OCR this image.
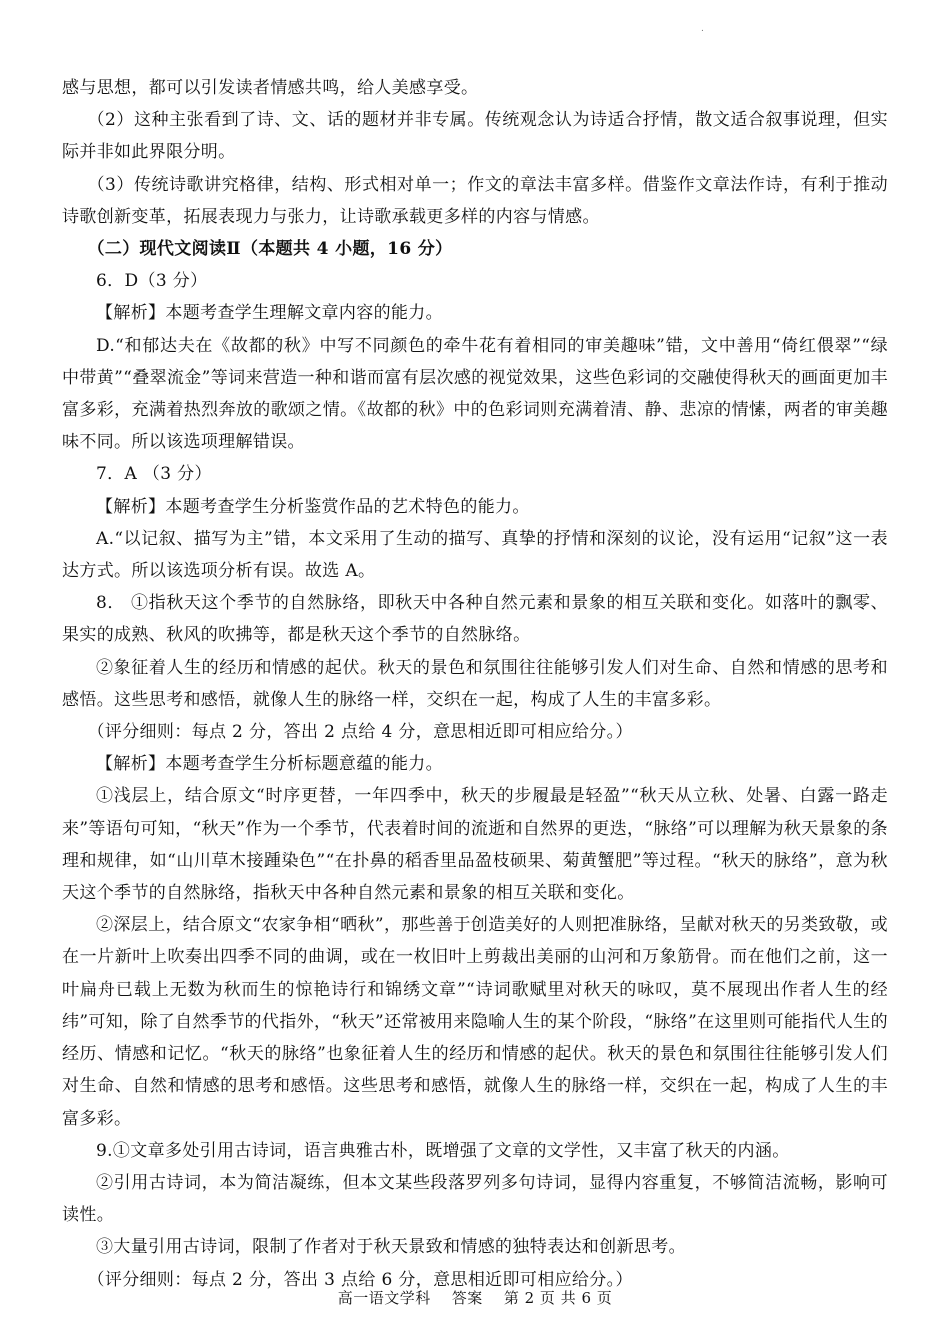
.

感与思想，都可以引发读者情感共鸣，给人美感享受。

（2）这种主张看到了诗、文、话的题材并非专属。传统观念认为诗适合抒情，散文适合叙事说理，但实际并非如此界限分明。

（3）传统诗歌讲究格律，结构、形式相对单一；作文的章法丰富多样。借鉴作文章法作诗，有利于推动诗歌创新变革，拓展表现力与张力，让诗歌承载更多样的内容与情感。

（二）现代文阅读Ⅱ（本题共 4 小题，16 分）

6．D（3 分）

【解析】本题考查学生理解文章内容的能力。

D.“和郁达夫在《故都的秋》中写不同颜色的牵牛花有着相同的审美趣味”错，文中善用“倚红偎翠”“绿中带黄”“叠翠流金”等词来营造一种和谐而富有层次感的视觉效果，这些色彩词的交融使得秋天的画面更加丰富多彩，充满着热烈奔放的歌颂之情。《故都的秋》中的色彩词则充满着清、静、悲凉的情愫，两者的审美趣味不同。所以该选项理解错误。

7．A （3 分）

【解析】本题考查学生分析鉴赏作品的艺术特色的能力。

A.“以记叙、描写为主”错，本文采用了生动的描写、真挚的抒情和深刻的议论，没有运用“记叙”这一表达方式。所以该选项分析有误。故选 A。

8． ①指秋天这个季节的自然脉络，即秋天中各种自然元素和景象的相互关联和变化。如落叶的飘零、果实的成熟、秋风的吹拂等，都是秋天这个季节的自然脉络。

②象征着人生的经历和情感的起伏。秋天的景色和氛围往往能够引发人们对生命、自然和情感的思考和感悟。这些思考和感悟，就像人生的脉络一样，交织在一起，构成了人生的丰富多彩。

（评分细则：每点 2 分，答出 2 点给 4 分，意思相近即可相应给分。）

【解析】本题考查学生分析标题意蕴的能力。

①浅层上，结合原文“时序更替，一年四季中，秋天的步履最是轻盈”“秋天从立秋、处暑、白露一路走来”等语句可知，“秋天”作为一个季节，代表着时间的流逝和自然界的更迭，“脉络”可以理解为秋天景象的条理和规律，如“山川草木接踵染色”“在扑鼻的稻香里品盈枝硕果、菊黄蟹肥”等过程。“秋天的脉络”，意为秋天这个季节的自然脉络，指秋天中各种自然元素和景象的相互关联和变化。

②深层上，结合原文“农家争相“晒秋”，那些善于创造美好的人则把准脉络，呈献对秋天的另类致敬，或在一片新叶上吹奏出四季不同的曲调，或在一枚旧叶上剪裁出美丽的山河和万象筋骨。而在他们之前，这一叶扁舟已载上无数为秋而生的惊艳诗行和锦绣文章”“诗词歌赋里对秋天的咏叹，莫不展现出作者人生的经纬”可知，除了自然季节的代指外，“秋天”还常被用来隐喻人生的某个阶段，“脉络”在这里则可能指代人生的经历、情感和记忆。“秋天的脉络”也象征着人生的经历和情感的起伏。秋天的景色和氛围往往能够引发人们对生命、自然和情感的思考和感悟。这些思考和感悟，就像人生的脉络一样，交织在一起，构成了人生的丰富多彩。

9.①文章多处引用古诗词，语言典雅古朴，既增强了文章的文学性，又丰富了秋天的内涵。

②引用古诗词，本为简洁凝练，但本文某些段落罗列多句诗词，显得内容重复，不够简洁流畅，影响可读性。

③大量引用古诗词，限制了作者对于秋天景致和情感的独特表达和创新思考。

（评分细则：每点 2 分，答出 3 点给 6 分，意思相近即可相应给分。）

高一语文学科    答案    第 2 页 共 6 页
